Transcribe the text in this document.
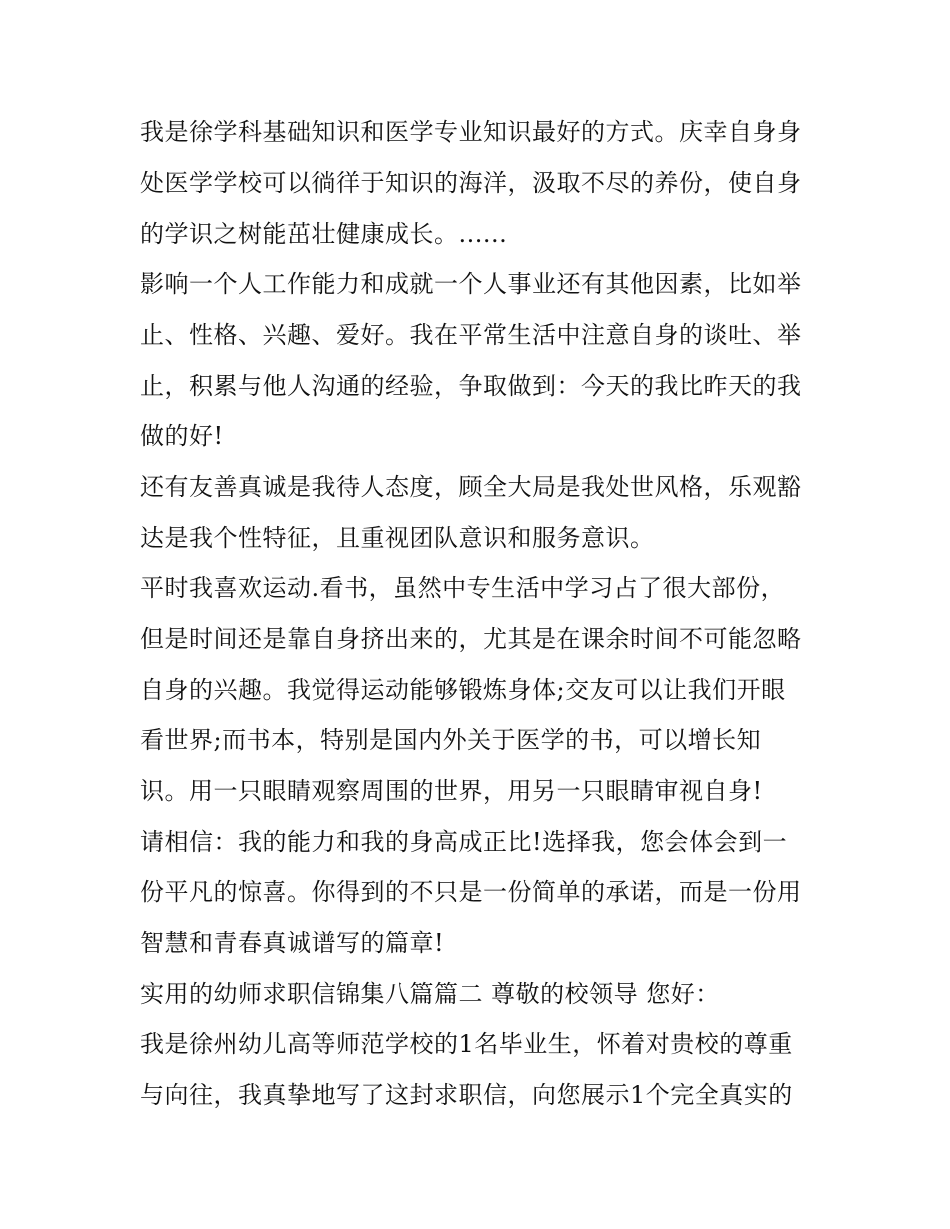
我是徐学科基础知识和医学专业知识最好的方式。庆幸自身身
处医学学校可以徜徉于知识的海洋，汲取不尽的养份，使自身
的学识之树能茁壮健康成长。......
影响一个人工作能力和成就一个人事业还有其他因素，比如举
止、性格、兴趣、爱好。我在平常生活中注意自身的谈吐、举
止，积累与他人沟通的经验，争取做到：今天的我比昨天的我
做的好!
还有友善真诚是我待人态度，顾全大局是我处世风格，乐观豁
达是我个性特征，且重视团队意识和服务意识。
平时我喜欢运动.看书，虽然中专生活中学习占了很大部份，
但是时间还是靠自身挤出来的，尤其是在课余时间不可能忽略
自身的兴趣。我觉得运动能够锻炼身体;交友可以让我们开眼
看世界;而书本，特别是国内外关于医学的书，可以增长知
识。用一只眼睛观察周围的世界，用另一只眼睛审视自身!
请相信：我的能力和我的身高成正比!选择我，您会体会到一
份平凡的惊喜。你得到的不只是一份简单的承诺，而是一份用
智慧和青春真诚谱写的篇章!
实用的幼师求职信锦集八篇篇二 尊敬的校领导 您好：
我是徐州幼儿高等师范学校的1名毕业生，怀着对贵校的尊重
与向往，我真挚地写了这封求职信，向您展示1个完全真实的
